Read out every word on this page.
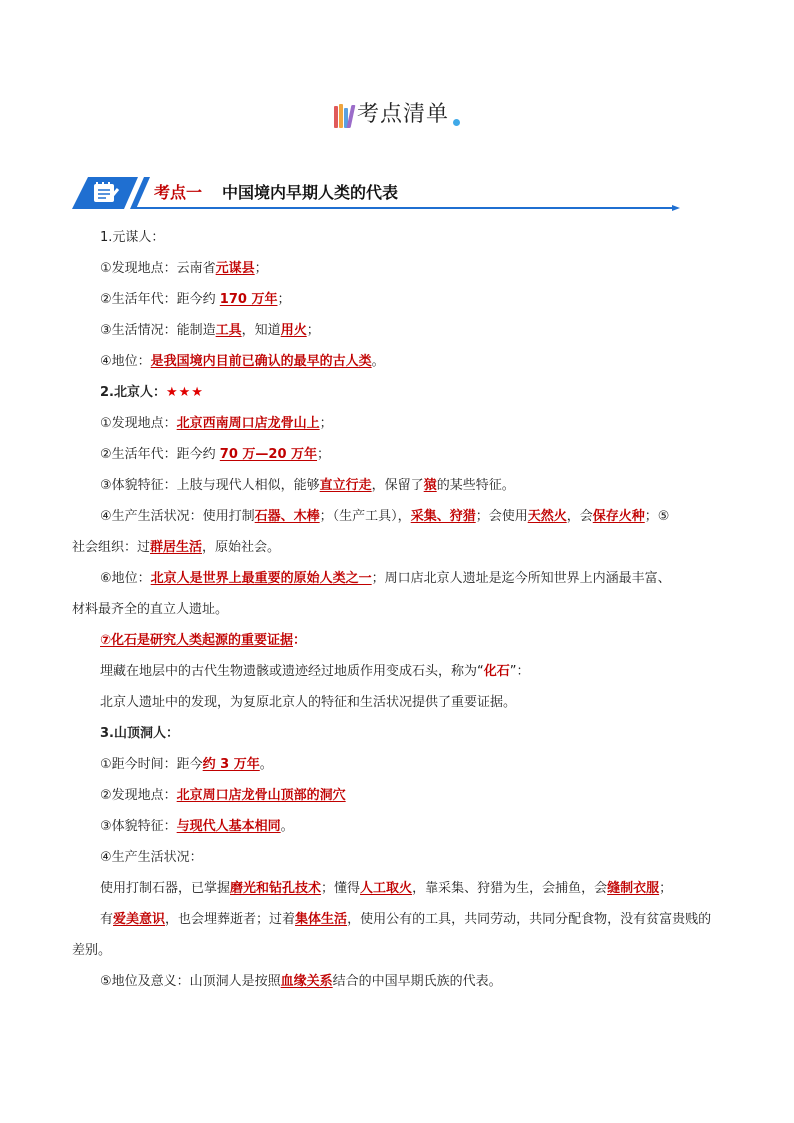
考点清单
考点一 中国境内早期人类的代表
1.元谋人：
①发现地点：云南省元谋县；
②生活年代：距今约 170 万年；
③生活情况：能制造工具，知道用火；
④地位：是我国境内目前已确认的最早的古人类。
2.北京人：★★★
①发现地点：北京西南周口店龙骨山上；
②生活年代：距今约 70 万—20 万年；
③体貌特征：上肢与现代人相似，能够直立行走，保留了猿的某些特征。
④生产生活状况：使用打制石器、木棒；（生产工具），采集、狩猎；会使用天然火，会保存火种；⑤
社会组织：过群居生活，原始社会。
⑥地位：北京人是世界上最重要的原始人类之一；周口店北京人遗址是迄今所知世界上内涵最丰富、
材料最齐全的直立人遗址。
⑦化石是研究人类起源的重要证据：
埋藏在地层中的古代生物遗骸或遗迹经过地质作用变成石头，称为“化石”：
北京人遗址中的发现，为复原北京人的特征和生活状况提供了重要证据。
3.山顶洞人：
①距今时间：距今约 3 万年。
②发现地点：北京周口店龙骨山顶部的洞穴
③体貌特征：与现代人基本相同。
④生产生活状况：
使用打制石器，已掌握磨光和钻孔技术；懂得人工取火，靠采集、狩猎为生，会捕鱼，会缝制衣服；
有爱美意识，也会埋葬逝者；过着集体生活，使用公有的工具，共同劳动，共同分配食物，没有贫富贵贱的
差别。
⑤地位及意义：山顶洞人是按照血缘关系结合的中国早期氏族的代表。
